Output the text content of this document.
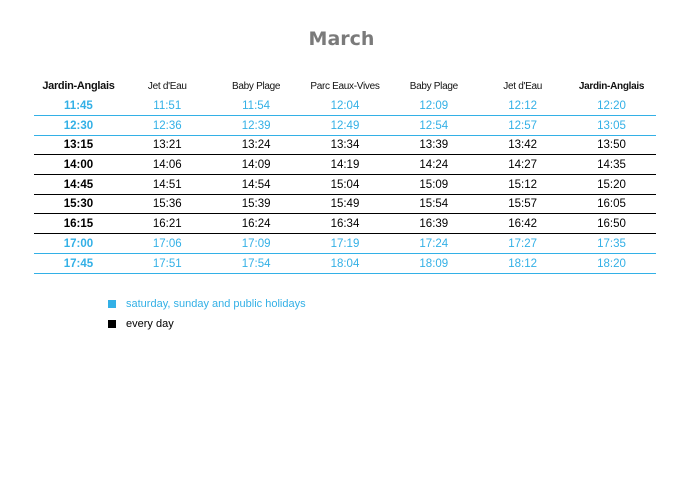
March
Jardin-Anglais	Jet d'Eau	Baby Plage	Parc Eaux-Vives	Baby Plage	Jet d'Eau	Jardin-Anglais
11:45	11:51	11:54	12:04	12:09	12:12	12:20
12:30	12:36	12:39	12:49	12:54	12:57	13:05
13:15	13:21	13:24	13:34	13:39	13:42	13:50
14:00	14:06	14:09	14:19	14:24	14:27	14:35
14:45	14:51	14:54	15:04	15:09	15:12	15:20
15:30	15:36	15:39	15:49	15:54	15:57	16:05
16:15	16:21	16:24	16:34	16:39	16:42	16:50
17:00	17:06	17:09	17:19	17:24	17:27	17:35
17:45	17:51	17:54	18:04	18:09	18:12	18:20
saturday, sunday and public holidays
every day
